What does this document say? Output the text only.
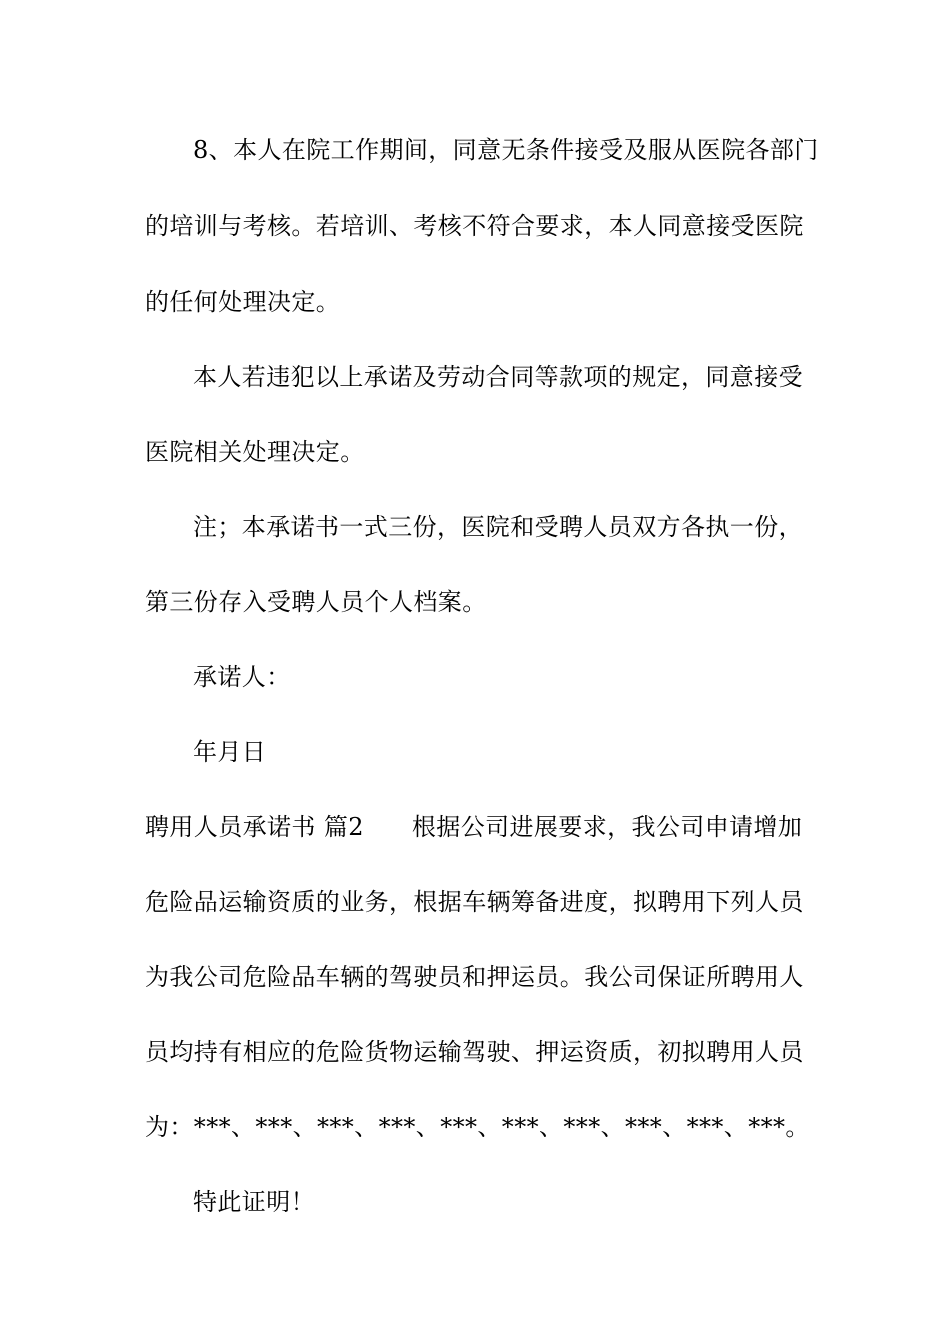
8、本人在院工作期间，同意无条件接受及服从医院各部门
的培训与考核。若培训、考核不符合要求，本人同意接受医院
的任何处理决定。
本人若违犯以上承诺及劳动合同等款项的规定，同意接受
医院相关处理决定。
注；本承诺书一式三份，医院和受聘人员双方各执一份，
第三份存入受聘人员个人档案。
承诺人：
年月日
聘用人员承诺书 篇2 根据公司进展要求，我公司申请增加
危险品运输资质的业务，根据车辆筹备进度，拟聘用下列人员
为我公司危险品车辆的驾驶员和押运员。我公司保证所聘用人
员均持有相应的危险货物运输驾驶、押运资质，初拟聘用人员
为：***、***、***、***、***、***、***、***、***、***。
特此证明！
